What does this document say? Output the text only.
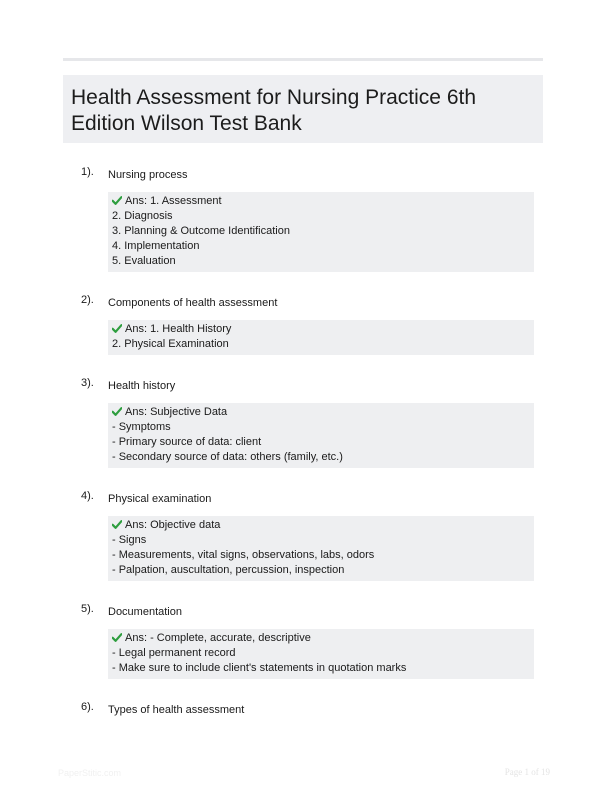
Health Assessment for Nursing Practice 6th Edition Wilson Test Bank
1). Nursing process
Ans: 1. Assessment
2. Diagnosis
3. Planning & Outcome Identification
4. Implementation
5. Evaluation
2). Components of health assessment
Ans: 1. Health History
2. Physical Examination
3). Health history
Ans: Subjective Data
- Symptoms
- Primary source of data: client
- Secondary source of data: others (family, etc.)
4). Physical examination
Ans: Objective data
- Signs
- Measurements, vital signs, observations, labs, odors
- Palpation, auscultation, percussion, inspection
5). Documentation
Ans: - Complete, accurate, descriptive
- Legal permanent record
- Make sure to include client's statements in quotation marks
6). Types of health assessment
PaperStitic.com	Page 1 of 19
